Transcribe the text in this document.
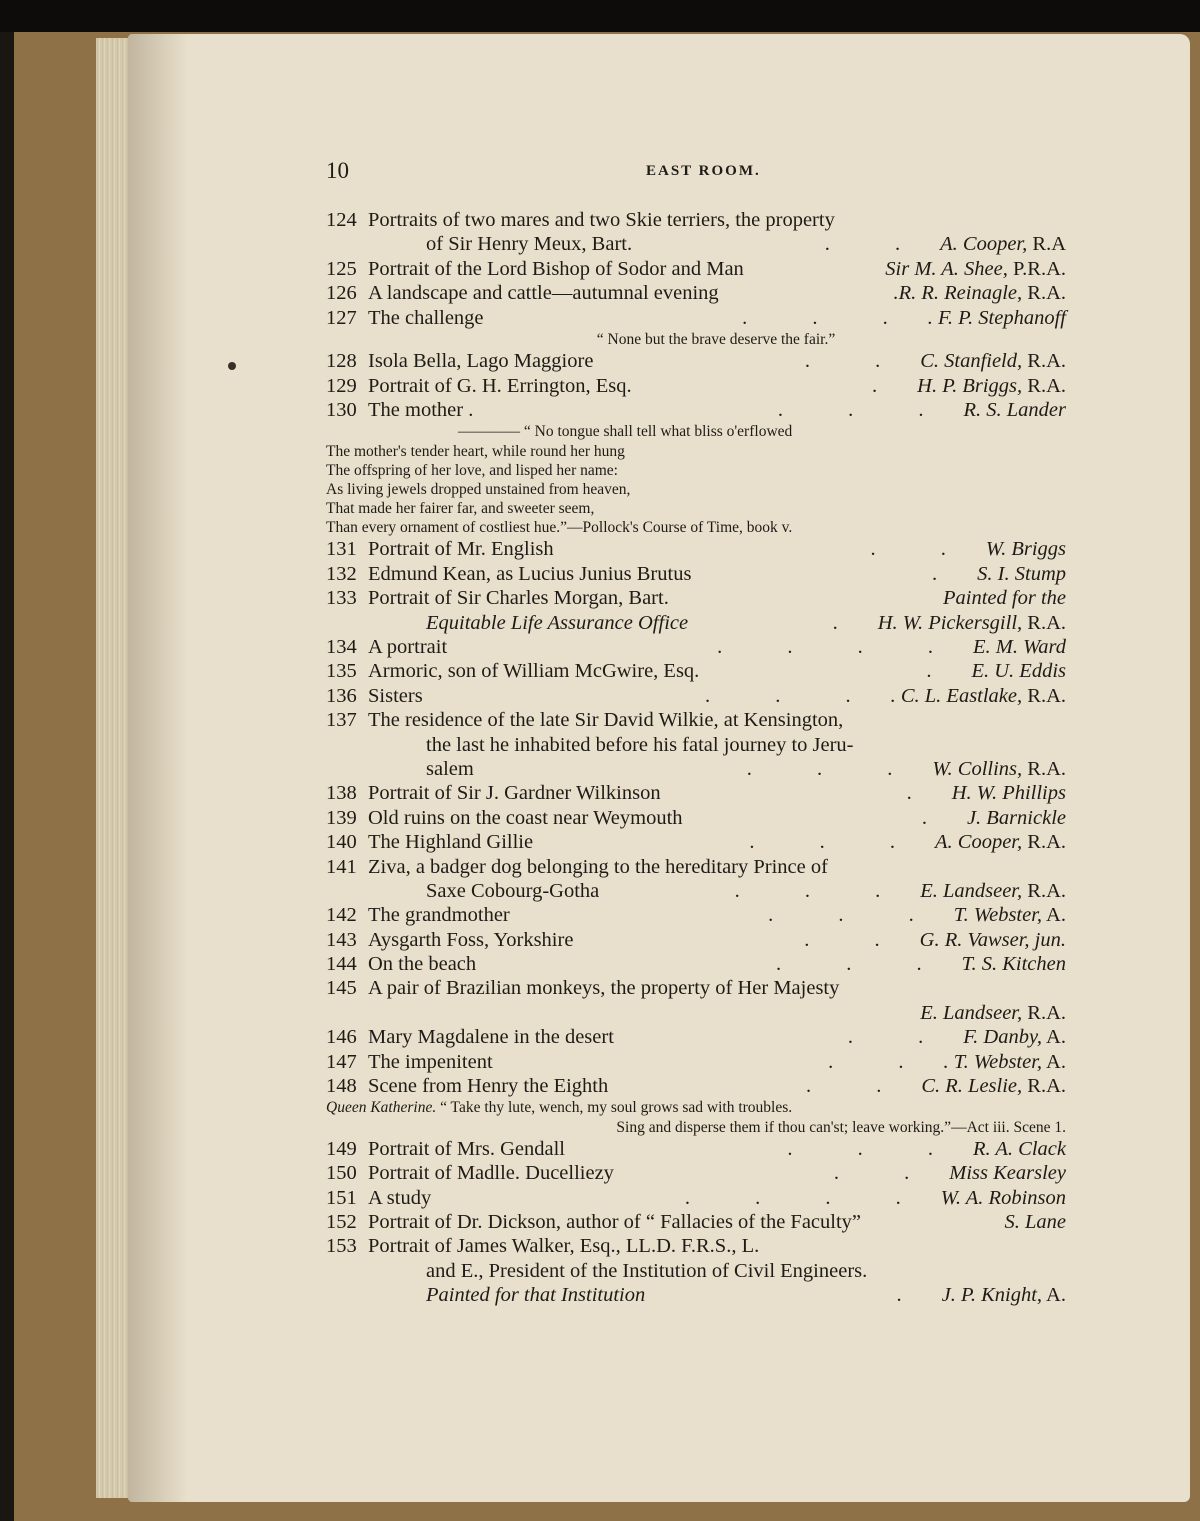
10	EAST ROOM.
124 Portraits of two mares and two Skie terriers, the property
of Sir Henry Meux, Bart.	. . A. Cooper, R.A
125 Portrait of the Lord Bishop of Sodor and Man	Sir M. A. Shee, P.R.A.
126 A landscape and cattle—autumnal evening	.R. R. Reinagle, R.A.
127 The challenge	. . . . F. P. Stephanoff
“ None but the brave deserve the fair.”
128 Isola Bella, Lago Maggiore	. . C. Stanfield, R.A.
129 Portrait of G. H. Errington, Esq.	. H. P. Briggs, R.A.
130 The mother .	. . . R. S. Lander
———— “ No tongue shall tell what bliss o'erflowed
The mother's tender heart, while round her hung
The offspring of her love, and lisped her name:
As living jewels dropped unstained from heaven,
That made her fairer far, and sweeter seem,
Than every ornament of costliest hue.”—Pollock's Course of Time, book v.
131 Portrait of Mr. English	. . W. Briggs
132 Edmund Kean, as Lucius Junius Brutus	. S. I. Stump
133 Portrait of Sir Charles Morgan, Bart.	Painted for the
Equitable Life Assurance Office	. H. W. Pickersgill, R.A.
134 A portrait	. . . . E. M. Ward
135 Armoric, son of William McGwire, Esq.	. E. U. Eddis
136 Sisters	. . . . C. L. Eastlake, R.A.
137 The residence of the late Sir David Wilkie, at Kensington,
the last he inhabited before his fatal journey to Jeru-
salem	. . . W. Collins, R.A.
138 Portrait of Sir J. Gardner Wilkinson	. H. W. Phillips
139 Old ruins on the coast near Weymouth	. J. Barnickle
140 The Highland Gillie	. . . A. Cooper, R.A.
141 Ziva, a badger dog belonging to the hereditary Prince of
Saxe Cobourg-Gotha	. . . E. Landseer, R.A.
142 The grandmother	. . . T. Webster, A.
143 Aysgarth Foss, Yorkshire	. . G. R. Vawser, jun.
144 On the beach	. . . T. S. Kitchen
145 A pair of Brazilian monkeys, the property of Her Majesty
E. Landseer, R.A.
146 Mary Magdalene in the desert	. . F. Danby, A.
147 The impenitent	. . . T. Webster, A.
148 Scene from Henry the Eighth	. . C. R. Leslie, R.A.
Queen Katherine. “ Take thy lute, wench, my soul grows sad with troubles.
Sing and disperse them if thou can'st; leave working.”—Act iii. Scene 1.
149 Portrait of Mrs. Gendall	. . . R. A. Clack
150 Portrait of Madlle. Ducelliezy	. . Miss Kearsley
151 A study	. . . . W. A. Robinson
152 Portrait of Dr. Dickson, author of “ Fallacies of the Faculty”	S. Lane
153 Portrait of James Walker, Esq., LL.D. F.R.S., L.
and E., President of the Institution of Civil Engineers.
Painted for that Institution	. J. P. Knight, A.
